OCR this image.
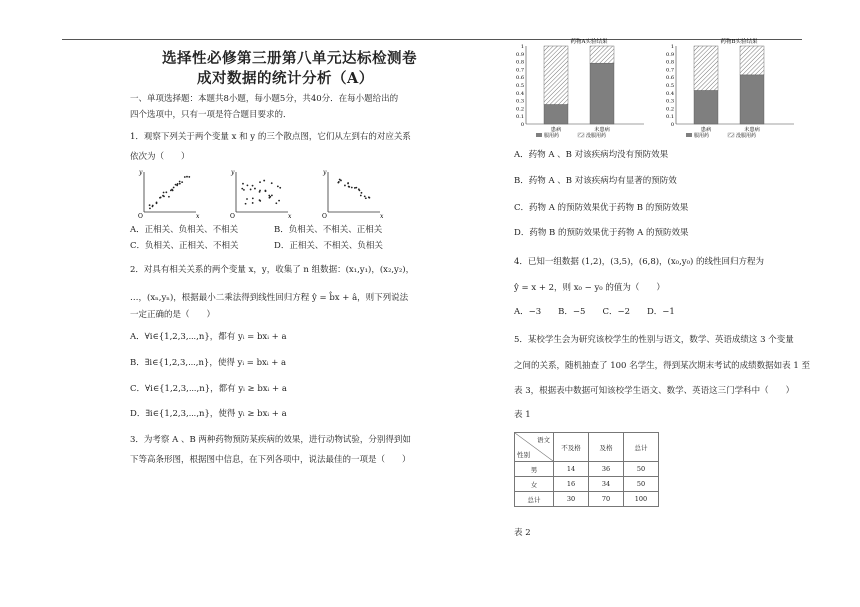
选择性必修第三册第八单元达标检测卷
成对数据的统计分析（A）
一、单项选择题：本题共8小题，每小题5分，共40分．在每小题给出的
四个选项中，只有一项是符合题目要求的．
1．观察下列关于两个变量 x 和 y 的三个散点图，它们从左到右的对应关系
依次为（　　）
O	x
y
O	x
y
O	x
y
A．正相关、负相关、不相关	B．负相关、不相关、正相关
C．负相关、正相关、不相关	D．正相关、不相关、负相关
2．对具有相关关系的两个变量 x，y，收集了 n 组数据：(x₁,y₁)，(x₂,y₂)，
…，(xₙ,yₙ)，根据最小二乘法得到线性回归方程 ŷ = b̂x + â，则下列说法
一定正确的是（　　）
A．∀i∈{1,2,3,⋯,n}，都有 yᵢ = bxᵢ + a
B．∃i∈{1,2,3,⋯,n}，使得 yᵢ = bxᵢ + a
C．∀i∈{1,2,3,⋯,n}，都有 yᵢ ≥ bxᵢ + a
D．∃i∈{1,2,3,⋯,n}，使得 yᵢ ≥ bxᵢ + a
3．为考察 A 、B 两种药物预防某疾病的效果，进行动物试验，分别得到如
下等高条形图，根据图中信息，在下列各项中，说法最佳的一项是（　　）
药物A实验结果
1
0.9
0.8
0.7
0.6
0.5
0.4
0.3
0.2
0.1
0
患病	未患病
服用药	没服用药
药物B实验结果
1
0.9
0.8
0.7
0.6
0.5
0.4
0.3
0.2
0.1
0
患病	未患病
服用药	没服用药
A．药物 A 、B 对该疾病均没有预防效果
B．药物 A 、B 对该疾病均有显著的预防效
C．药物 A 的预防效果优于药物 B 的预防效果
D．药物 B 的预防效果优于药物 A 的预防效果
4．已知一组数据 (1,2)，(3,5)，(6,8)，(x₀,y₀) 的线性回归方程为
ŷ = x + 2，则 x₀ − y₀ 的值为（　　）
A．−3　　B．−5　　C．−2　　D．−1
5．某校学生会为研究该校学生的性别与语文，数学、英语成绩这 3 个变量
之间的关系，随机抽查了 100 名学生，得到某次期末考试的成绩数据如表 1 至
表 3，根据表中数据可知该校学生语文、数学、英语这三门学科中（　　）
表 1
语文
性别	不及格	及格	总计
男	14	36	50
女	16	34	50
总计	30	70	100
表 2
